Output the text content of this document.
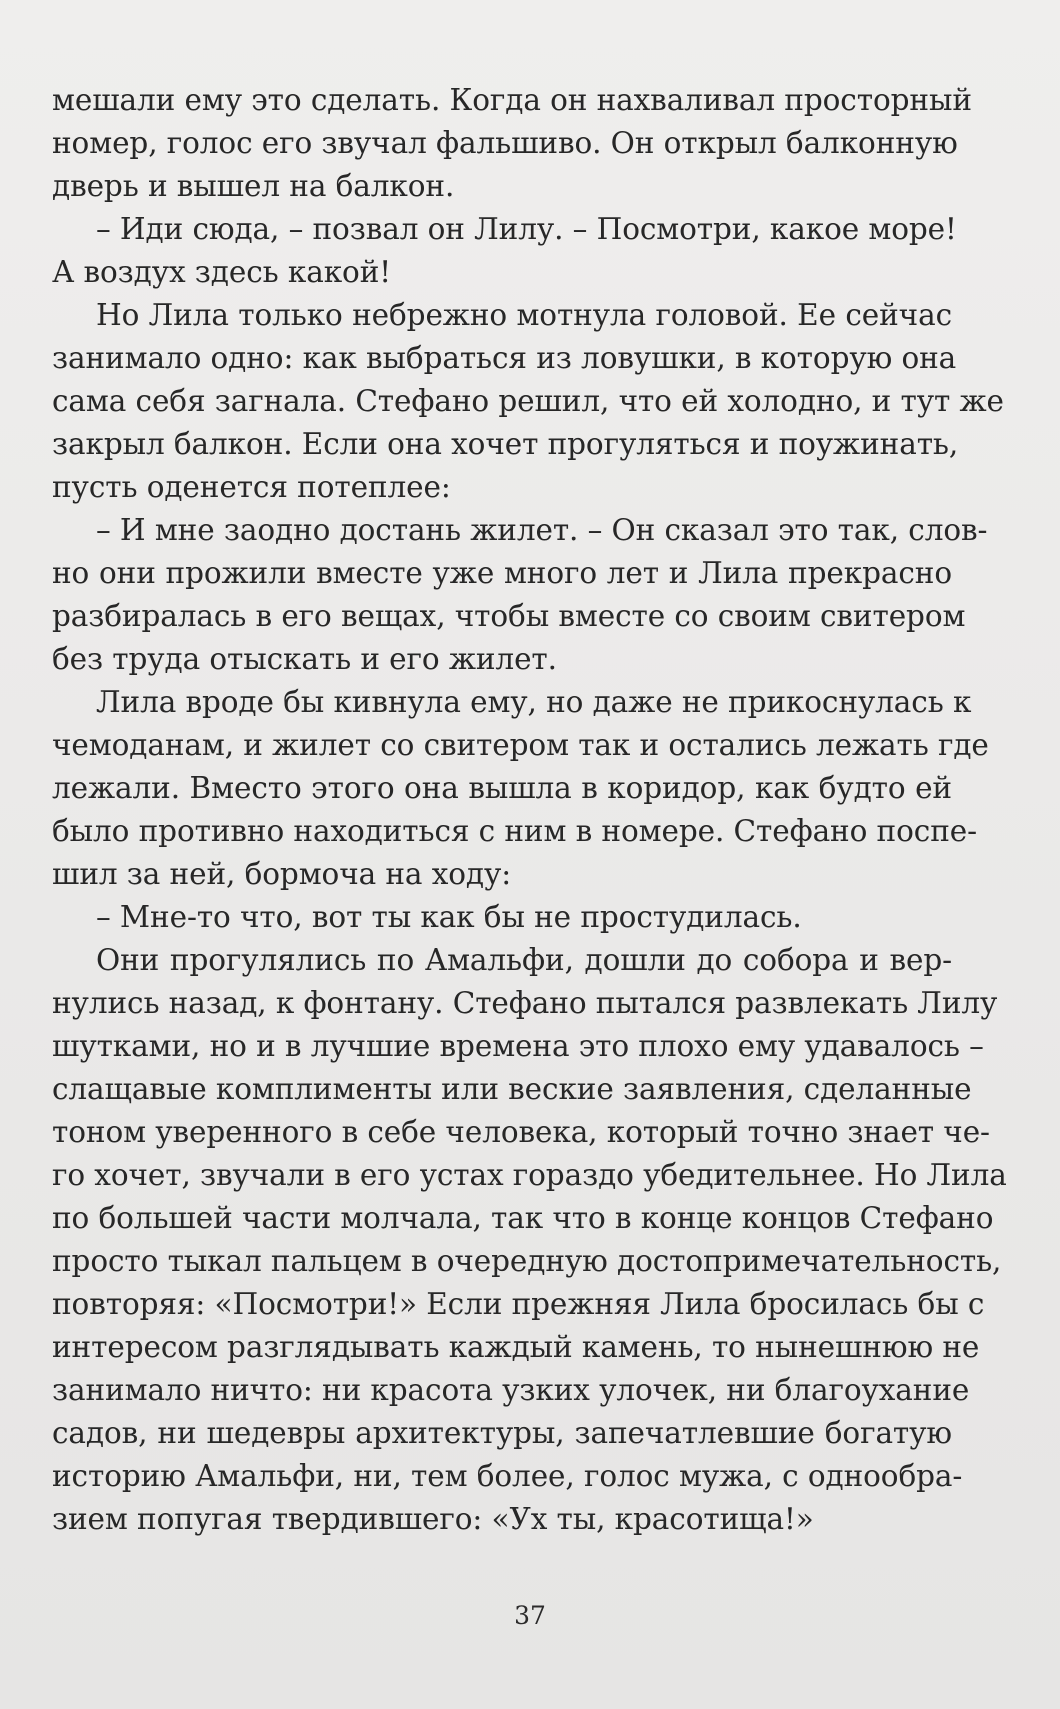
мешали ему это сделать. Когда он нахваливал просторный
номер, голос его звучал фальшиво. Он открыл балконную
дверь и вышел на балкон.
– Иди сюда, – позвал он Лилу. – Посмотри, какое море!
А воздух здесь какой!
Но Лила только небрежно мотнула головой. Ее сейчас
занимало одно: как выбраться из ловушки, в которую она
сама себя загнала. Стефано решил, что ей холодно, и тут же
закрыл балкон. Если она хочет прогуляться и поужинать,
пусть оденется потеплее:
– И мне заодно достань жилет. – Он сказал это так, слов-
но они прожили вместе уже много лет и Лила прекрасно
разбиралась в его вещах, чтобы вместе со своим свитером
без труда отыскать и его жилет.
Лила вроде бы кивнула ему, но даже не прикоснулась к
чемоданам, и жилет со свитером так и остались лежать где
лежали. Вместо этого она вышла в коридор, как будто ей
было противно находиться с ним в номере. Стефано поспе-
шил за ней, бормоча на ходу:
– Мне-то что, вот ты как бы не простудилась.
Они прогулялись по Амальфи, дошли до собора и вер-
нулись назад, к фонтану. Стефано пытался развлекать Лилу
шутками, но и в лучшие времена это плохо ему удавалось –
слащавые комплименты или веские заявления, сделанные
тоном уверенного в себе человека, который точно знает че-
го хочет, звучали в его устах гораздо убедительнее. Но Лила
по большей части молчала, так что в конце концов Стефано
просто тыкал пальцем в очередную достопримечательность,
повторяя: «Посмотри!» Если прежняя Лила бросилась бы с
интересом разглядывать каждый камень, то нынешнюю не
занимало ничто: ни красота узких улочек, ни благоухание
садов, ни шедевры архитектуры, запечатлевшие богатую
историю Амальфи, ни, тем более, голос мужа, с однообра-
зием попугая твердившего: «Ух ты, красотища!»
37
